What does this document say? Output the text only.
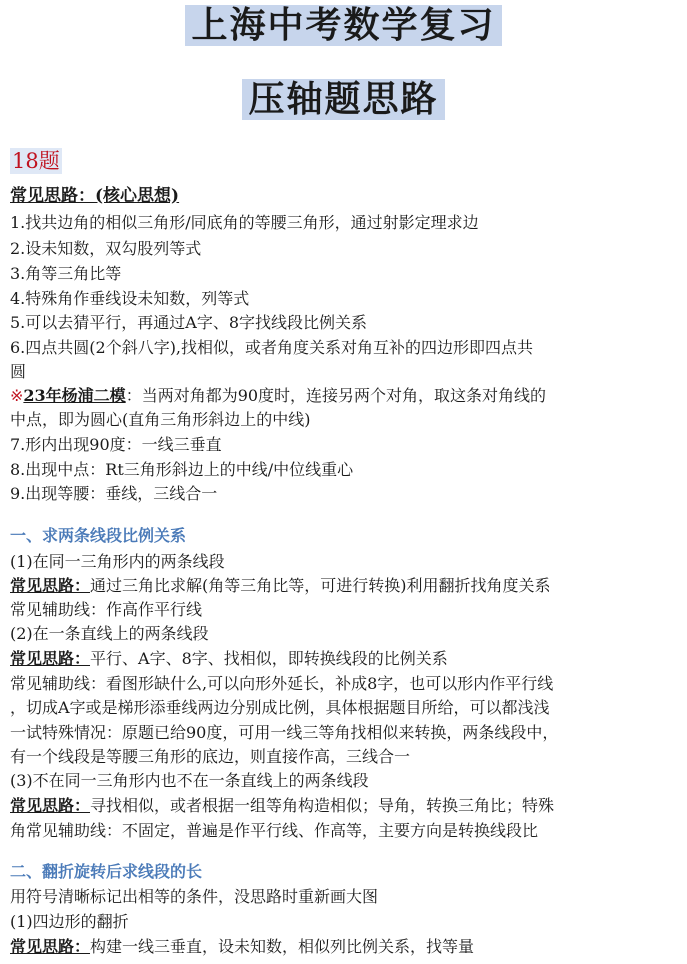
上海中考数学复习
压轴题思路
18题
常见思路：(核心思想)
1.找共边角的相似三角形/同底角的等腰三角形，通过射影定理求边
2.设未知数，双勾股列等式
3.角等三角比等
4.特殊角作垂线设未知数，列等式
5.可以去猜平行，再通过A字、8字找线段比例关系
6.四点共圆(2个斜八字),找相似，或者角度关系对角互补的四边形即四点共
圆
※23年杨浦二模：当两对角都为90度时，连接另两个对角，取这条对角线的
中点，即为圆心(直角三角形斜边上的中线)
7.形内出现90度：一线三垂直
8.出现中点：Rt三角形斜边上的中线/中位线重心
9.出现等腰：垂线，三线合一
一、求两条线段比例关系
(1)在同一三角形内的两条线段
常见思路：通过三角比求解(角等三角比等，可进行转换)利用翻折找角度关系
常见辅助线：作高作平行线
(2)在一条直线上的两条线段
常见思路：平行、A字、8字、找相似，即转换线段的比例关系
常见辅助线：看图形缺什么,可以向形外延长，补成8字，也可以形内作平行线
，切成A字或是梯形添垂线两边分别成比例，具体根据题目所给，可以都浅浅
一试特殊情况：原题已给90度，可用一线三等角找相似来转换，两条线段中，
有一个线段是等腰三角形的底边，则直接作高，三线合一
(3)不在同一三角形内也不在一条直线上的两条线段
常见思路：寻找相似，或者根据一组等角构造相似；导角，转换三角比；特殊
角常见辅助线：不固定，普遍是作平行线、作高等，主要方向是转换线段比
二、翻折旋转后求线段的长
用符号清晰标记出相等的条件，没思路时重新画大图
(1)四边形的翻折
常见思路：构建一线三垂直，设未知数，相似列比例关系，找等量
